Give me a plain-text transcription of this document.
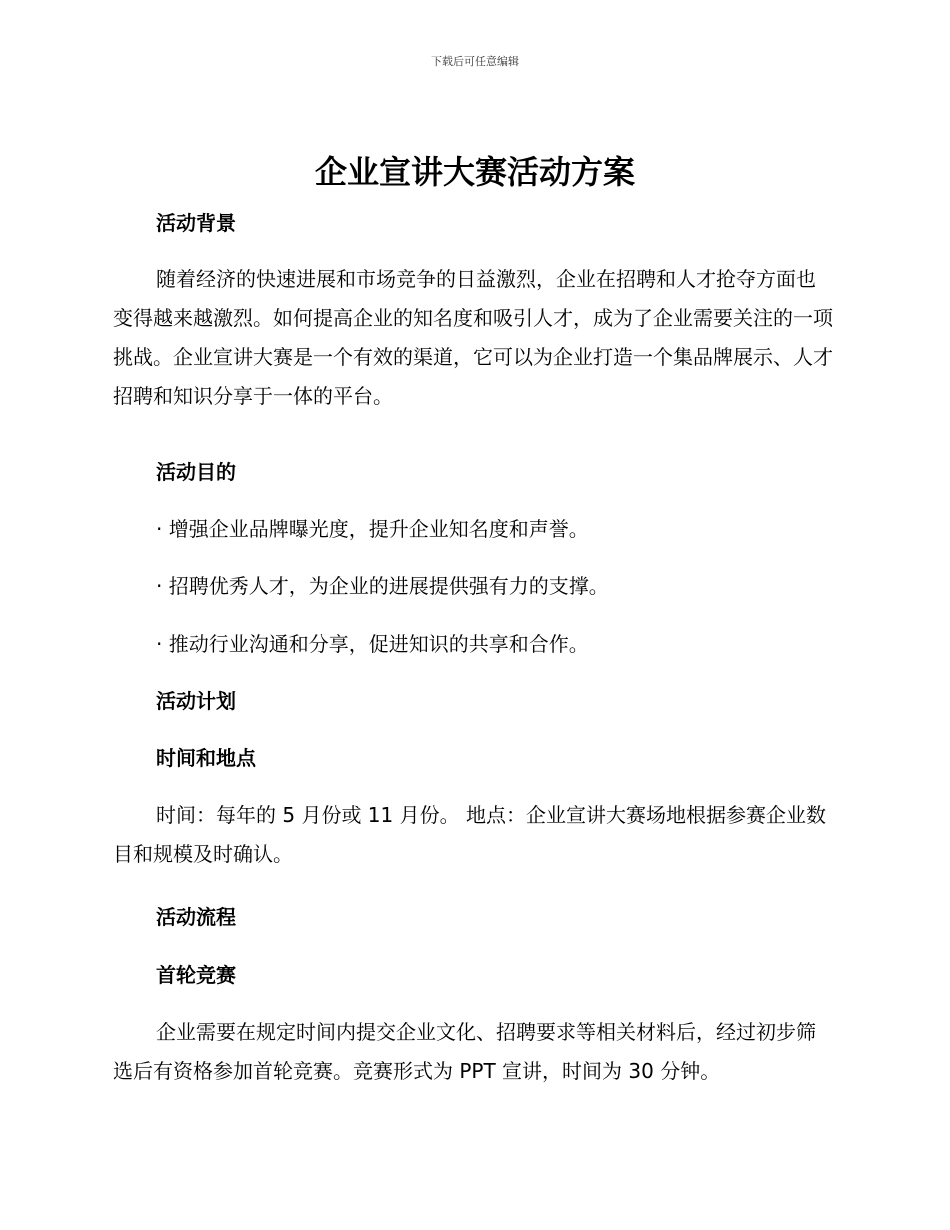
下载后可任意编辑
企业宣讲大赛活动方案
活动背景
随着经济的快速进展和市场竞争的日益激烈，企业在招聘和人才抢夺方面也变得越来越激烈。如何提高企业的知名度和吸引人才，成为了企业需要关注的一项挑战。企业宣讲大赛是一个有效的渠道，它可以为企业打造一个集品牌展示、人才招聘和知识分享于一体的平台。
活动目的
· 增强企业品牌曝光度，提升企业知名度和声誉。
· 招聘优秀人才，为企业的进展提供强有力的支撑。
· 推动行业沟通和分享，促进知识的共享和合作。
活动计划
时间和地点
时间：每年的 5 月份或 11 月份。 地点：企业宣讲大赛场地根据参赛企业数目和规模及时确认。
活动流程
首轮竞赛
企业需要在规定时间内提交企业文化、招聘要求等相关材料后，经过初步筛选后有资格参加首轮竞赛。竞赛形式为 PPT 宣讲，时间为 30 分钟。
